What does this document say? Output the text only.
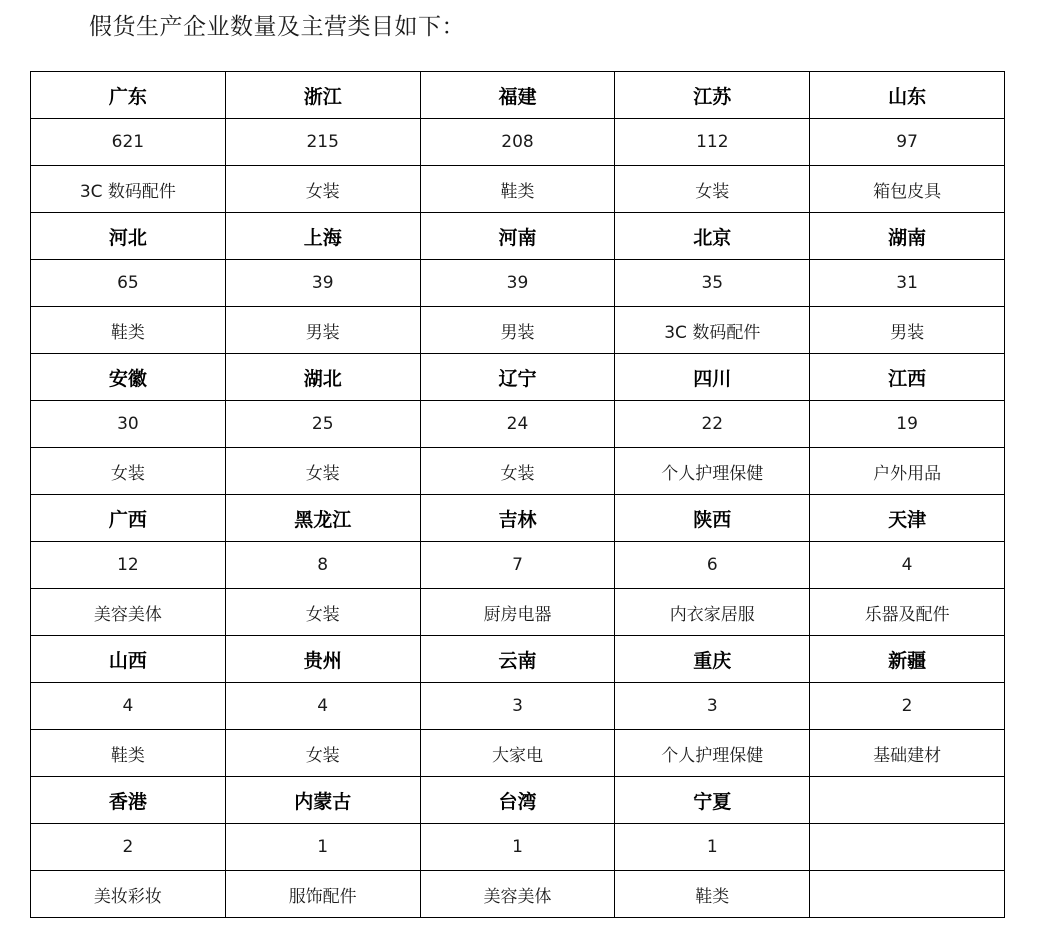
假货生产企业数量及主营类目如下：
广东	浙江	福建	江苏	山东
621	215	208	112	97
3C 数码配件	女装	鞋类	女装	箱包皮具
河北	上海	河南	北京	湖南
65	39	39	35	31
鞋类	男装	男装	3C 数码配件	男装
安徽	湖北	辽宁	四川	江西
30	25	24	22	19
女装	女装	女装	个人护理保健	户外用品
广西	黑龙江	吉林	陕西	天津
12	8	7	6	4
美容美体	女装	厨房电器	内衣家居服	乐器及配件
山西	贵州	云南	重庆	新疆
4	4	3	3	2
鞋类	女装	大家电	个人护理保健	基础建材
香港	内蒙古	台湾	宁夏	
2	1	1	1	
美妆彩妆	服饰配件	美容美体	鞋类	
